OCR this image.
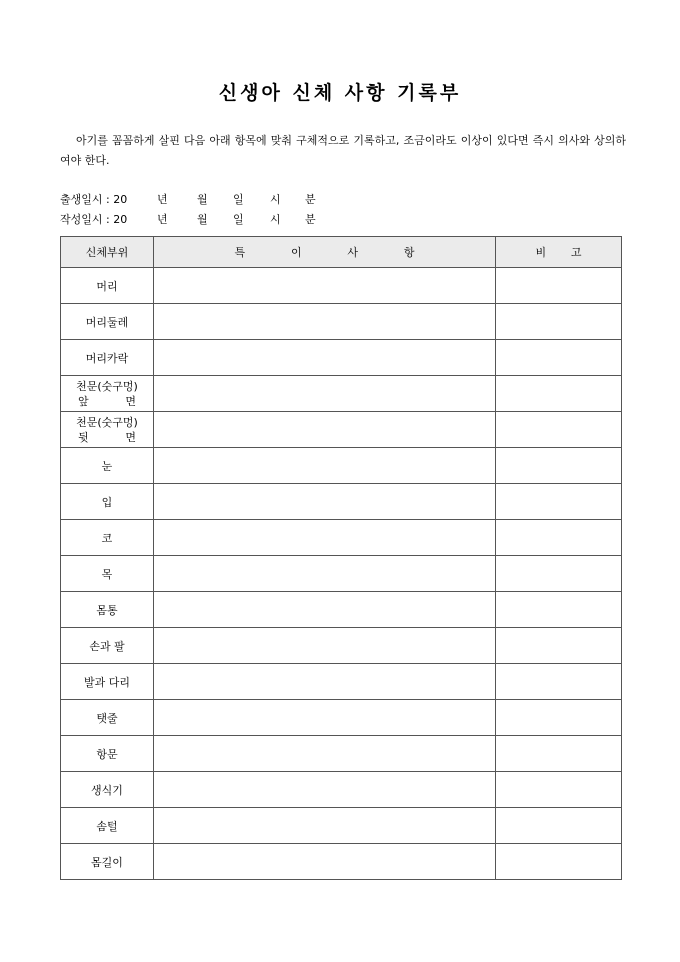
신생아 신체 사항 기록부
아기를 꼼꼼하게 살핀 다음 아래 항목에 맞춰 구체적으로 기록하고, 조금이라도 이상이 있다면 즉시 의사와 상의하여야 한다.
출생일시 : 20	년	월 일 시 분
작성일시 : 20	년	월 일 시 분
신체부위	특 이 사 항	비 고

머리		
머리둘레		
머리카락		

천문(숫구멍)
앞 면		

천문(숫구멍)
뒷 면		

눈		
입		
코		
목		
몸통		
손과 팔		
발과 다리		
탯줄		
항문		
생식기		
솜털		
몸길이		
